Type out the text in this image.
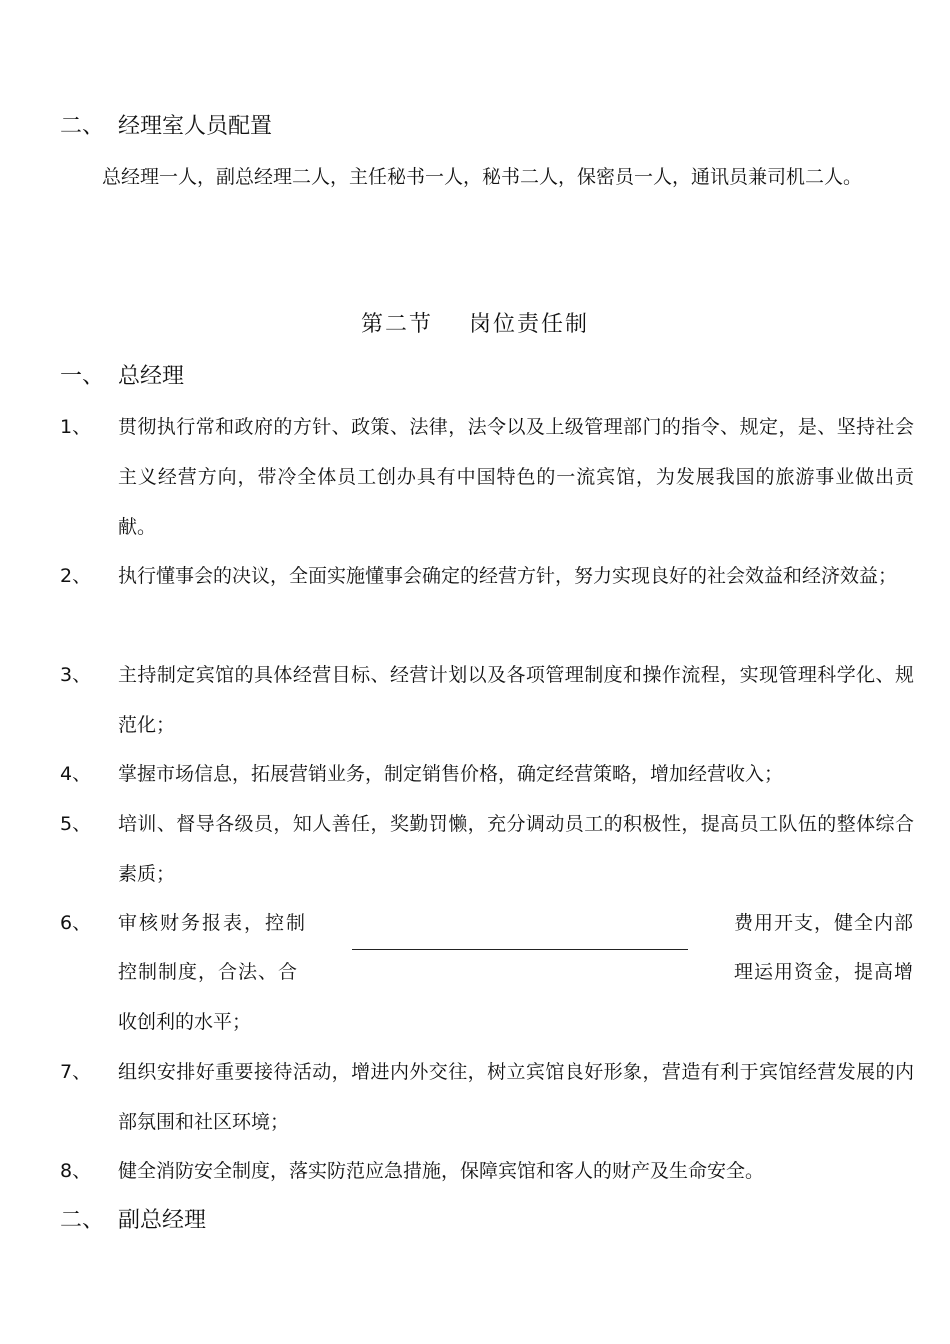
二、 经理室人员配置
总经理一人，副总经理二人，主任秘书一人，秘书二人，保密员一人，通讯员兼司机二人。
第二节 岗位责任制
一、 总经理
1、 贯彻执行常和政府的方针、政策、法律，法令以及上级管理部门的指令、规定，是、坚持社会主义经营方向，带冷全体员工创办具有中国特色的一流宾馆，为发展我国的旅游事业做出贡献。
2、 执行懂事会的决议，全面实施懂事会确定的经营方针，努力实现良好的社会效益和经济效益；
3、 主持制定宾馆的具体经营目标、经营计划以及各项管理制度和操作流程，实现管理科学化、规范化；
4、 掌握市场信息，拓展营销业务，制定销售价格，确定经营策略，增加经营收入；
5、 培训、督导各级员，知人善任，奖勤罚懒，充分调动员工的积极性，提高员工队伍的整体综合素质；
6、 审核财务报表，控制	费用开支，健全内部
控制制度，合法、合	理运用资金，提高增
收创利的水平；
7、 组织安排好重要接待活动，增进内外交往，树立宾馆良好形象，营造有利于宾馆经营发展的内部氛围和社区环境；
8、 健全消防安全制度，落实防范应急措施，保障宾馆和客人的财产及生命安全。
二、 副总经理
